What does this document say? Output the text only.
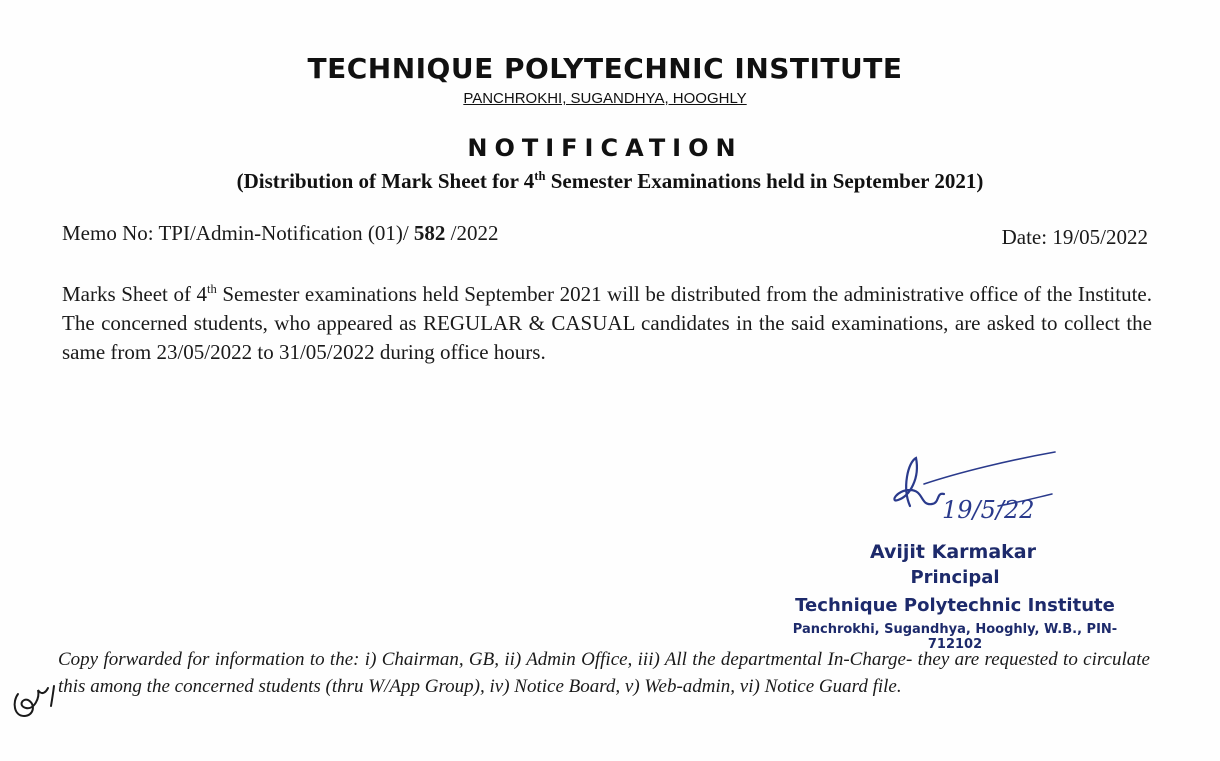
TECHNIQUE POLYTECHNIC INSTITUTE
PANCHROKHI, SUGANDHYA, HOOGHLY
NOTIFICATION
(Distribution of Mark Sheet for 4th Semester Examinations held in September 2021)
Memo No: TPI/Admin-Notification (01)/ 582 /2022	Date: 19/05/2022
Marks Sheet of 4th Semester examinations held September 2021 will be distributed from the administrative office of the Institute. The concerned students, who appeared as REGULAR & CASUAL candidates in the said examinations, are asked to collect the same from 23/05/2022 to 31/05/2022 during office hours.
19/5/22
Avijit Karmakar
Principal
Technique Polytechnic Institute
Panchrokhi, Sugandhya, Hooghly, W.B., PIN-712102
Copy forwarded for information to the: i) Chairman, GB, ii) Admin Office, iii) All the departmental In-Charge- they are requested to circulate this among the concerned students (thru W/App Group), iv) Notice Board, v) Web-admin, vi) Notice Guard file.
